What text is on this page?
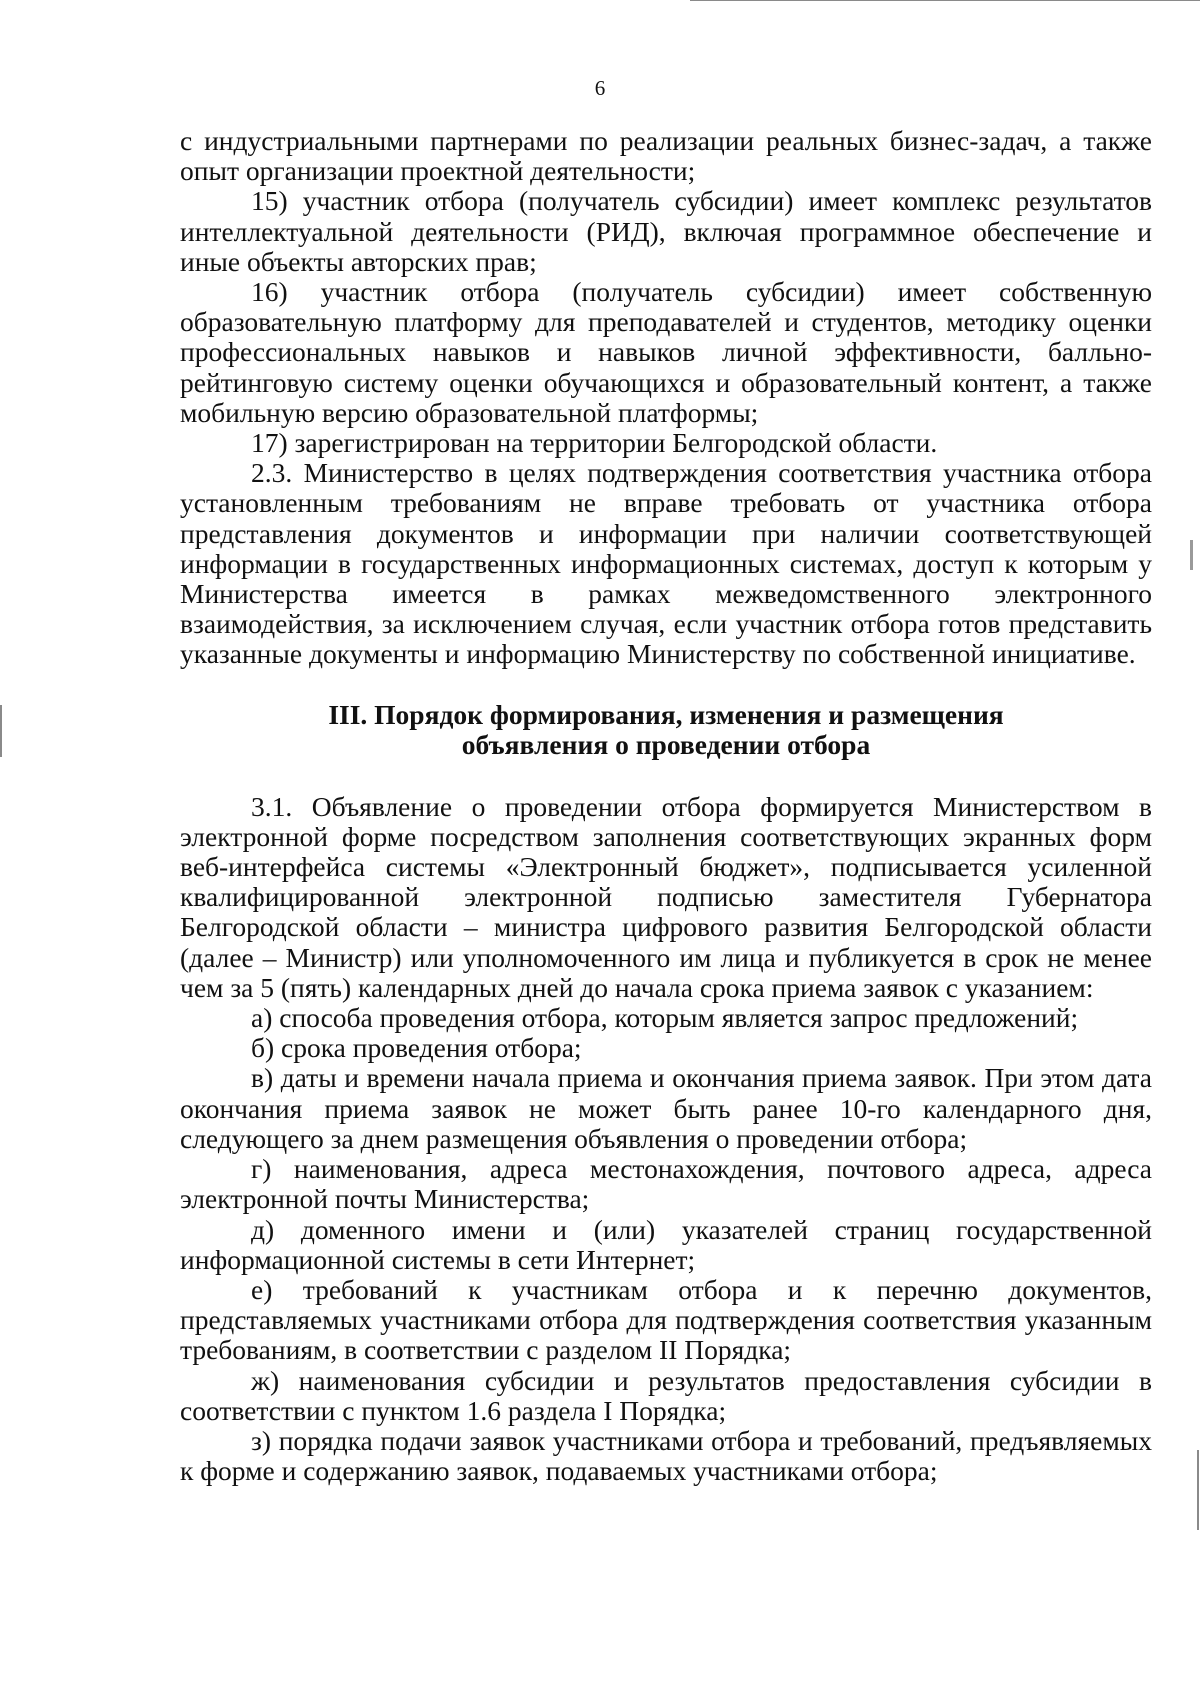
6

с индустриальными партнерами по реализации реальных бизнес-задач, а также опыт организации проектной деятельности;

15) участник отбора (получатель субсидии) имеет комплекс результатов интеллектуальной деятельности (РИД), включая программное обеспечение и иные объекты авторских прав;

16) участник отбора (получатель субсидии) имеет собственную образовательную платформу для преподавателей и студентов, методику оценки профессиональных навыков и навыков личной эффективности, балльно-рейтинговую систему оценки обучающихся и образовательный контент, а также мобильную версию образовательной платформы;

17) зарегистрирован на территории Белгородской области.

2.3. Министерство в целях подтверждения соответствия участника отбора установленным требованиям не вправе требовать от участника отбора представления документов и информации при наличии соответствующей информации в государственных информационных системах, доступ к которым у Министерства имеется в рамках межведомственного электронного взаимодействия, за исключением случая, если участник отбора готов представить указанные документы и информацию Министерству по собственной инициативе.

III. Порядок формирования, изменения и размещения

объявления о проведении отбора

3.1. Объявление о проведении отбора формируется Министерством в электронной форме посредством заполнения соответствующих экранных форм веб-интерфейса системы «Электронный бюджет», подписывается усиленной квалифицированной электронной подписью заместителя Губернатора Белгородской области – министра цифрового развития Белгородской области (далее – Министр) или уполномоченного им лица и публикуется в срок не менее чем за 5 (пять) календарных дней до начала срока приема заявок с указанием:

а) способа проведения отбора, которым является запрос предложений;

б) срока проведения отбора;

в) даты и времени начала приема и окончания приема заявок. При этом дата окончания приема заявок не может быть ранее 10-го календарного дня, следующего за днем размещения объявления о проведении отбора;

г) наименования, адреса местонахождения, почтового адреса, адреса электронной почты Министерства;

д) доменного имени и (или) указателей страниц государственной информационной системы в сети Интернет;

е) требований к участникам отбора и к перечню документов, представляемых участниками отбора для подтверждения соответствия указанным требованиям, в соответствии с разделом II Порядка;

ж) наименования субсидии и результатов предоставления субсидии в соответствии с пунктом 1.6 раздела I Порядка;

з) порядка подачи заявок участниками отбора и требований, предъявляемых к форме и содержанию заявок, подаваемых участниками отбора;
